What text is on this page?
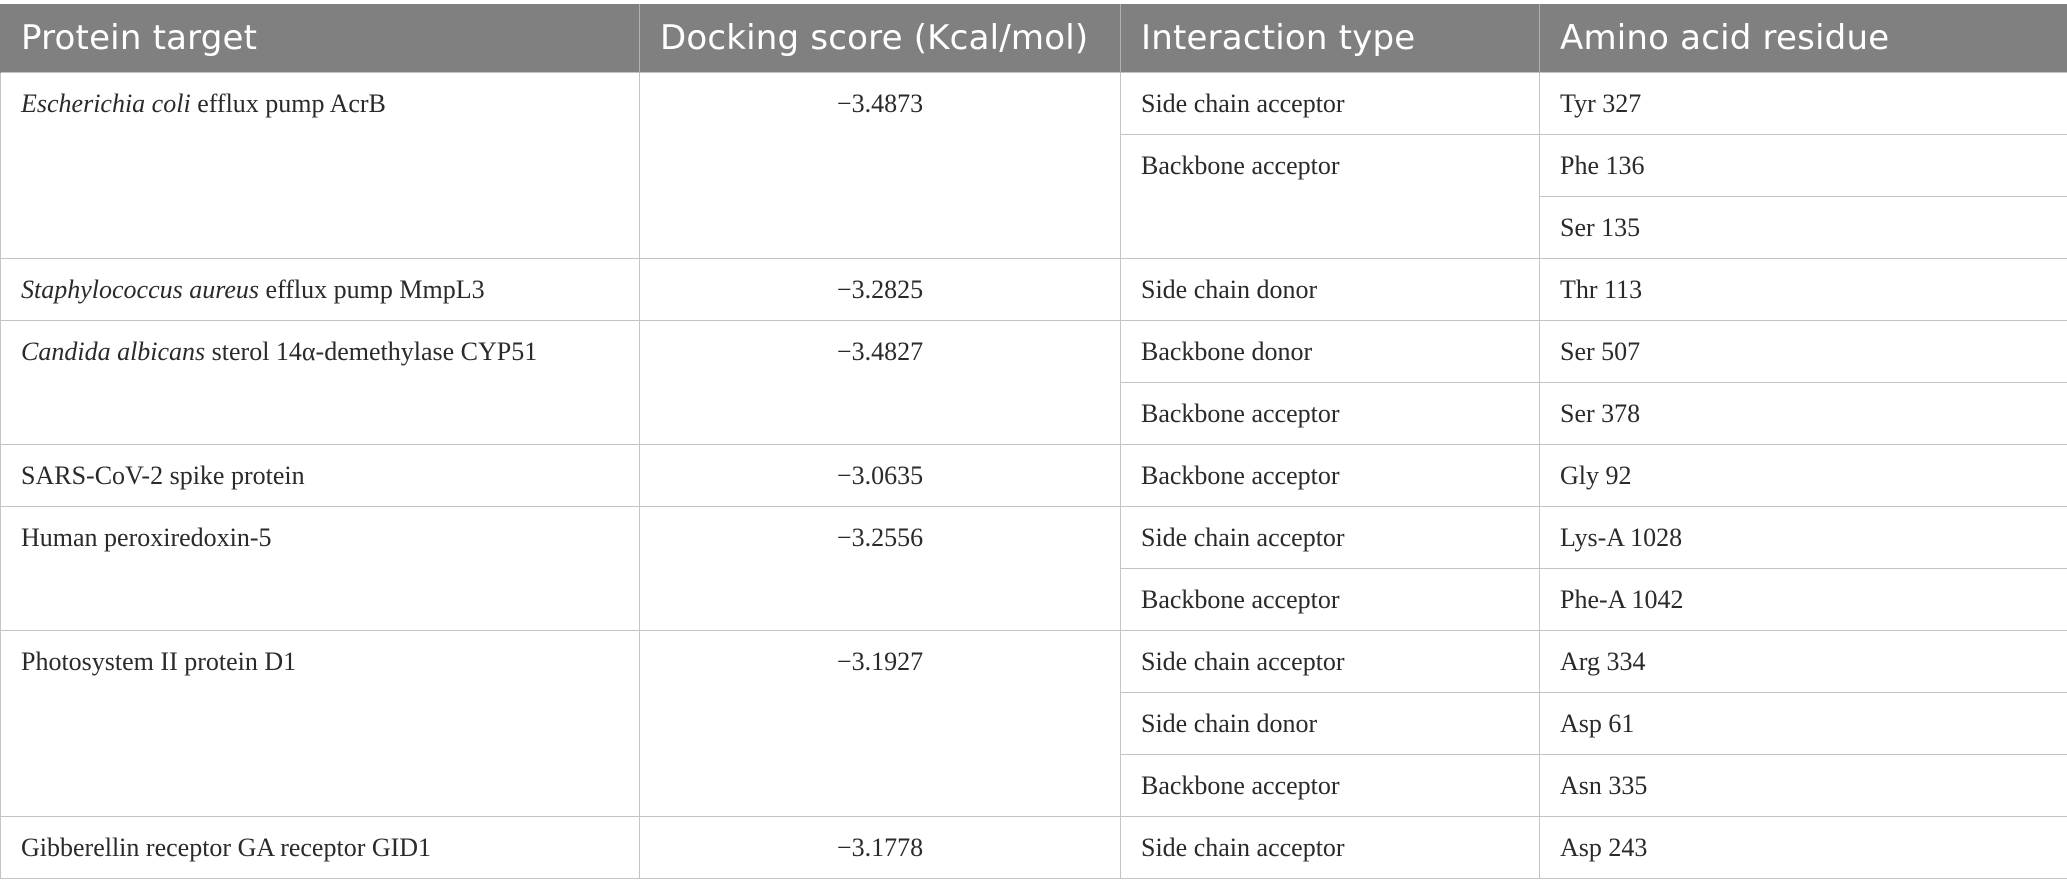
Protein target	Docking score (Kcal/mol)	Interaction type	Amino acid residue
Escherichia coli efflux pump AcrB	−3.4873	Side chain acceptor	Tyr 327
		Backbone acceptor	Phe 136
			Ser 135
Staphylococcus aureus efflux pump MmpL3	−3.2825	Side chain donor	Thr 113
Candida albicans sterol 14α-demethylase CYP51	−3.4827	Backbone donor	Ser 507
		Backbone acceptor	Ser 378
SARS-CoV-2 spike protein	−3.0635	Backbone acceptor	Gly 92
Human peroxiredoxin-5	−3.2556	Side chain acceptor	Lys-A 1028
		Backbone acceptor	Phe-A 1042
Photosystem II protein D1	−3.1927	Side chain acceptor	Arg 334
		Side chain donor	Asp 61
		Backbone acceptor	Asn 335
Gibberellin receptor GA receptor GID1	−3.1778	Side chain acceptor	Asp 243
